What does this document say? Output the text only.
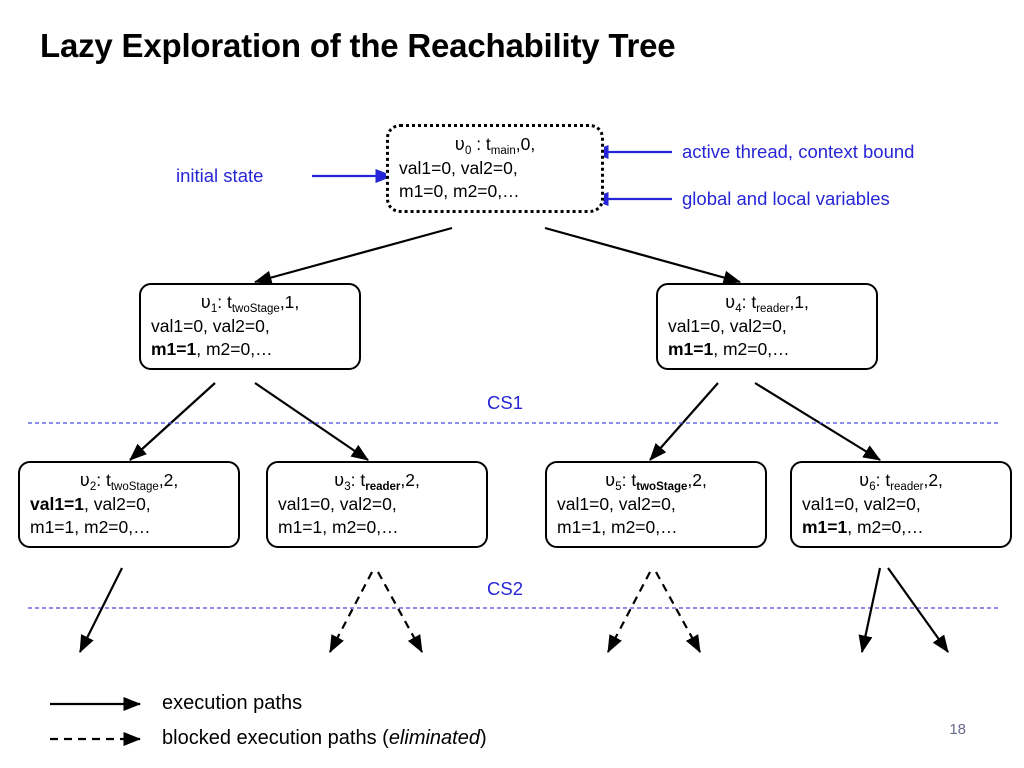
Lazy Exploration of the Reachability Tree
$\upsilon_0$ : $t_{main},0$,
val1=0, val2=0,
m1=0, m2=0,…
$\upsilon_1$: $t_{twoStage},1$,
val1=0, val2=0,
m1=1, m2=0,…
$\upsilon_4$: $t_{reader},1$,
val1=0, val2=0,
m1=1, m2=0,…
$\upsilon_2$: $t_{twoStage},2$,
val1=1, val2=0,
m1=1, m2=0,…
$\upsilon_3$: $t_{reader},2$,
val1=0, val2=0,
m1=1, m2=0,…
$\upsilon_5$: $t_{twoStage},2$,
val1=0, val2=0,
m1=1, m2=0,…
$\upsilon_6$: $t_{reader},2$,
val1=0, val2=0,
m1=1, m2=0,…
initial state
active thread, context bound
global and local variables
CS1
CS2
execution paths
blocked execution paths (eliminated)	18
